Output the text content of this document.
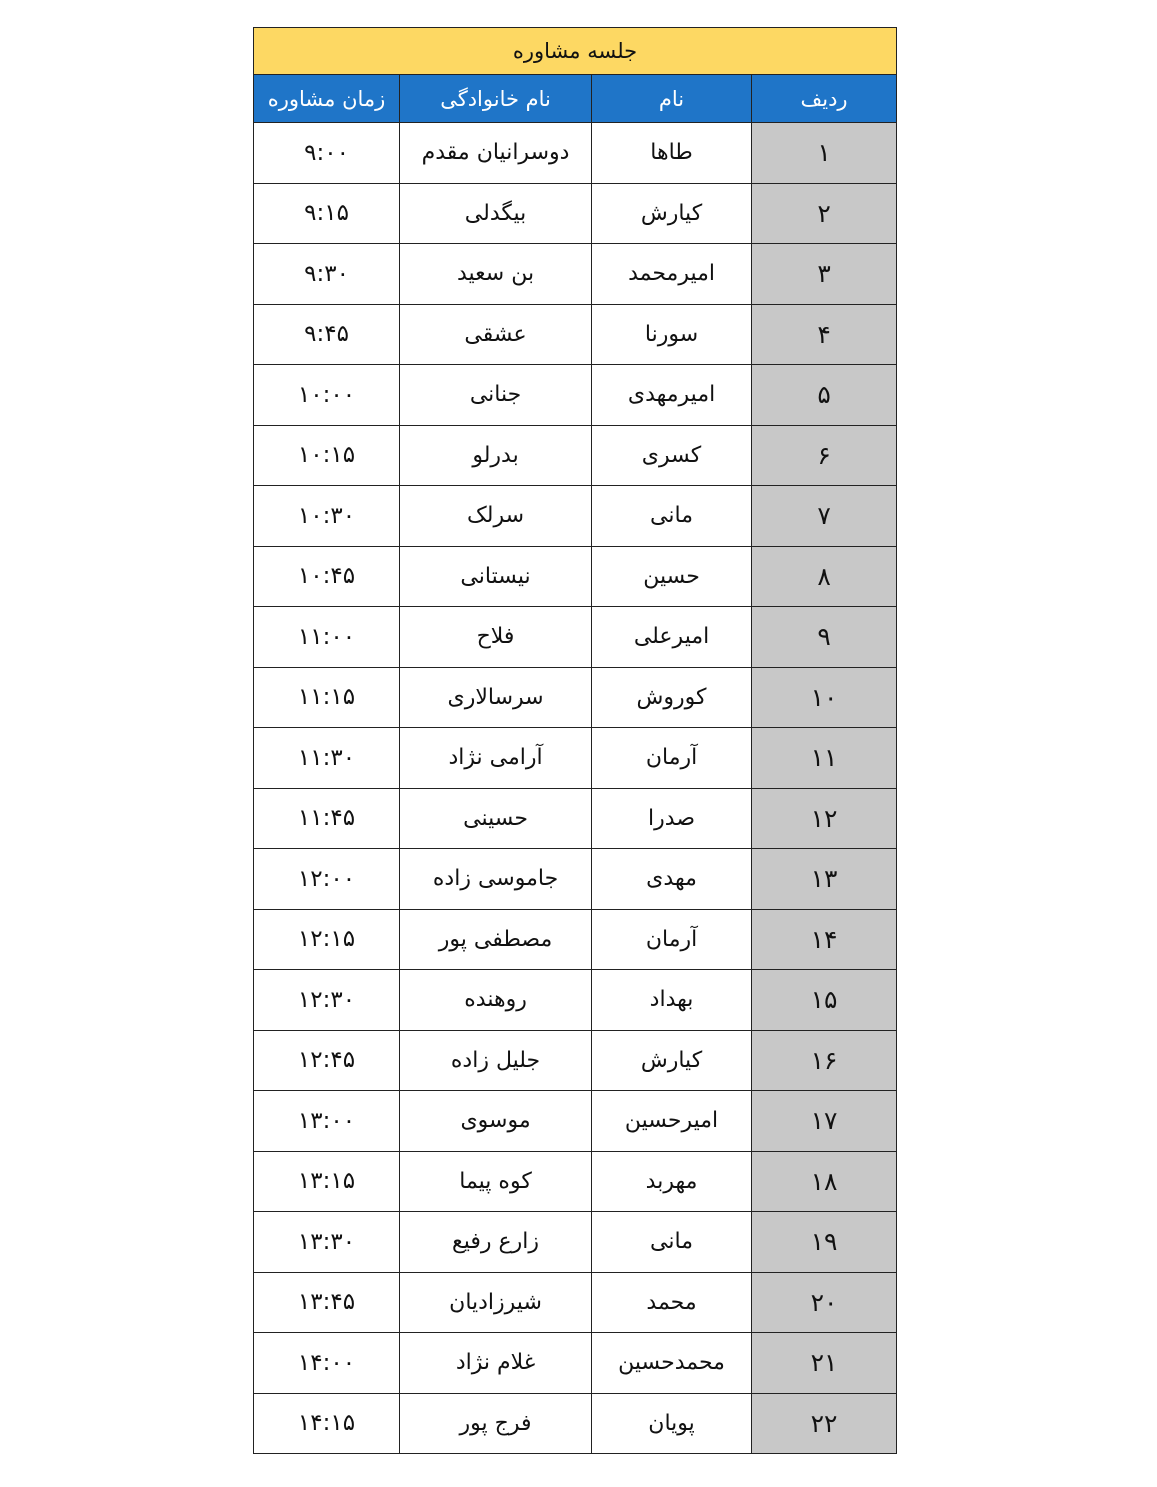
جلسه مشاوره			
ردیف	نام	نام خانوادگی	زمان مشاوره
۱	طاها	دوسرانیان مقدم	۹:۰۰
۲	کیارش	بیگدلی	۹:۱۵
۳	امیرمحمد	بن سعید	۹:۳۰
۴	سورنا	عشقی	۹:۴۵
۵	امیرمهدی	جنانی	۱۰:۰۰
۶	کسری	بدرلو	۱۰:۱۵
۷	مانی	سرلک	۱۰:۳۰
۸	حسین	نیستانی	۱۰:۴۵
۹	امیرعلی	فلاح	۱۱:۰۰
۱۰	کوروش	سرسالاری	۱۱:۱۵
۱۱	آرمان	آرامی نژاد	۱۱:۳۰
۱۲	صدرا	حسینی	۱۱:۴۵
۱۳	مهدی	جاموسی زاده	۱۲:۰۰
۱۴	آرمان	مصطفی پور	۱۲:۱۵
۱۵	بهداد	روهنده	۱۲:۳۰
۱۶	کیارش	جلیل زاده	۱۲:۴۵
۱۷	امیرحسین	موسوی	۱۳:۰۰
۱۸	مهربد	کوه پیما	۱۳:۱۵
۱۹	مانی	زارع رفیع	۱۳:۳۰
۲۰	محمد	شیرزادیان	۱۳:۴۵
۲۱	محمدحسین	غلام نژاد	۱۴:۰۰
۲۲	پویان	فرج پور	۱۴:۱۵
